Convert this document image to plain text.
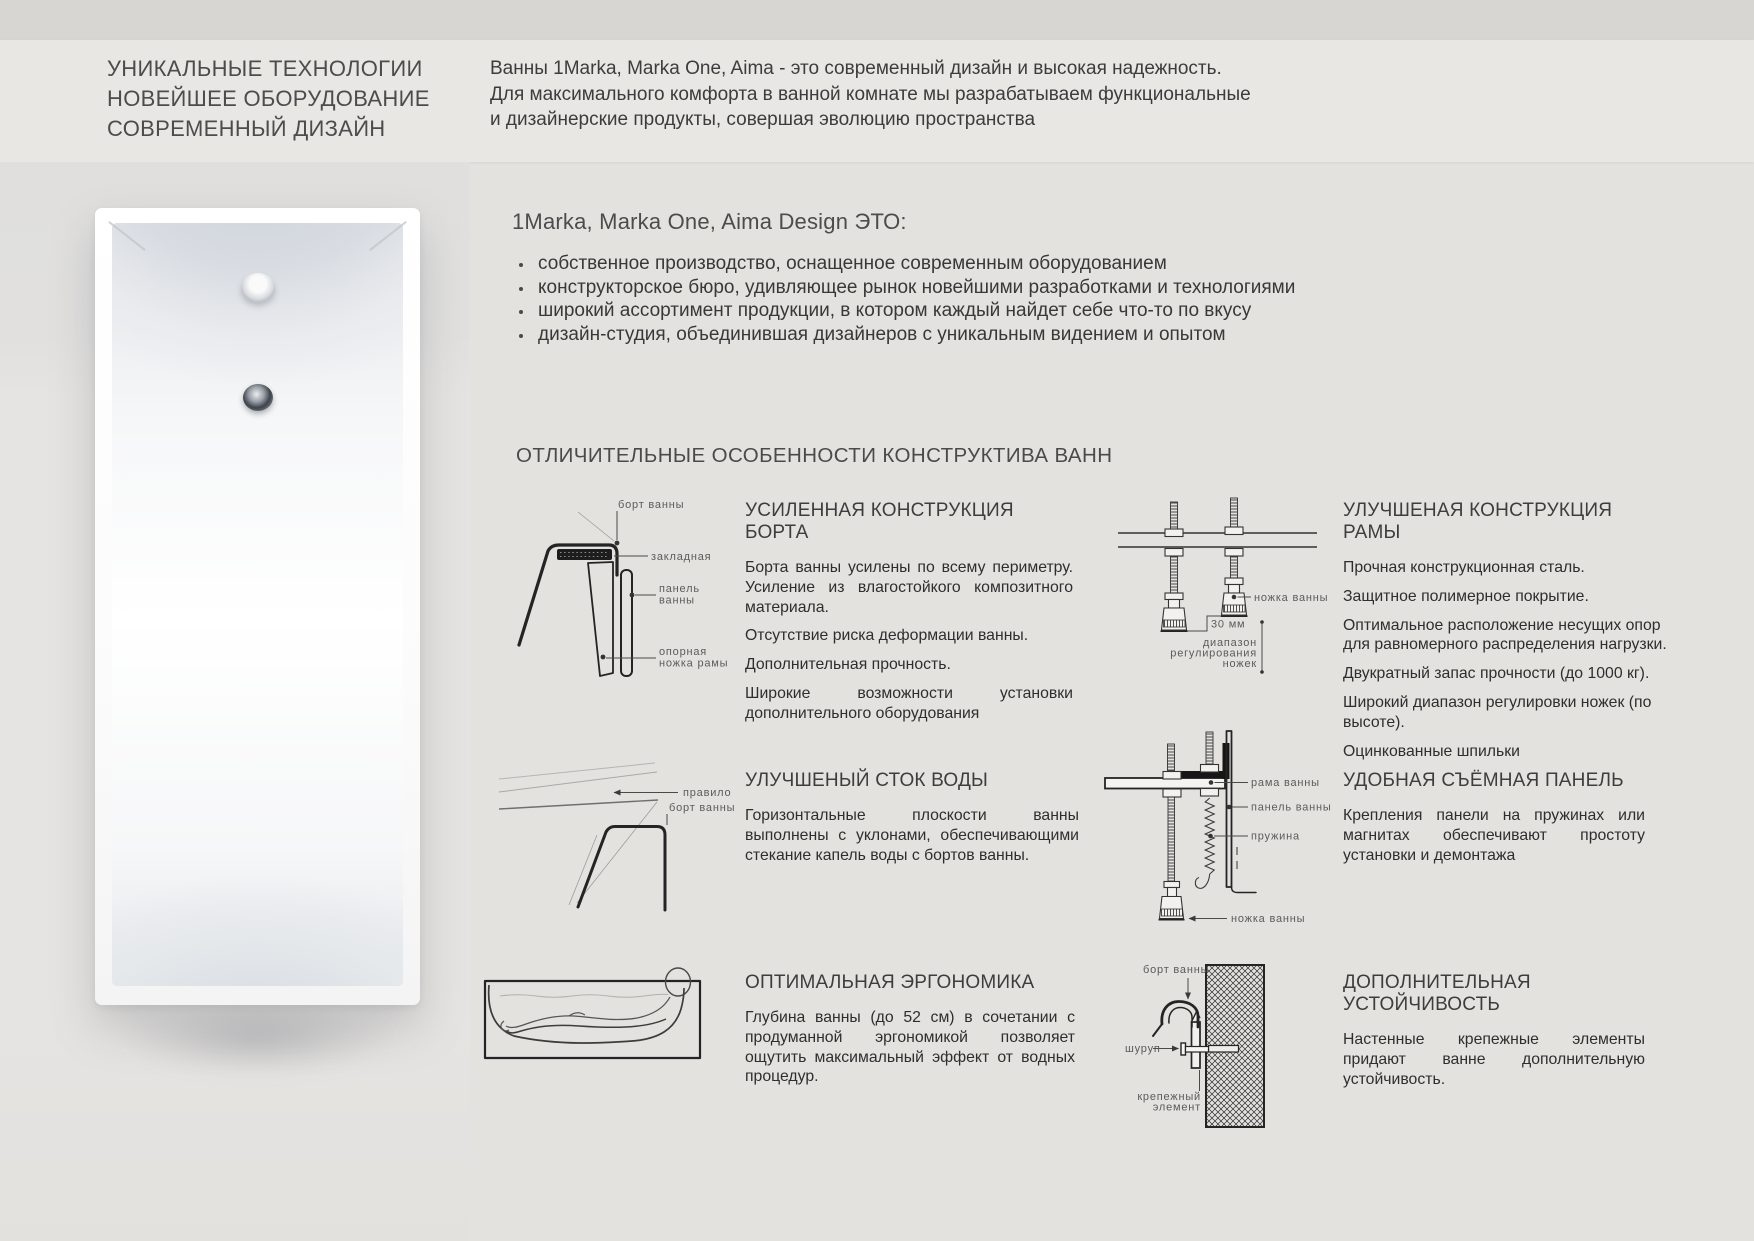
УНИКАЛЬНЫЕ ТЕХНОЛОГИИ
НОВЕЙШЕЕ ОБОРУДОВАНИЕ
СОВРЕМЕННЫЙ ДИЗАЙН
Ванны 1Marka, Marka One, Aima - это современный дизайн и высокая надежность.
Для максимального комфорта в ванной комнате мы разрабатываем функциональные
и дизайнерские продукты, совершая эволюцию пространства
1Marka, Marka One, Aima Design ЭТО:
• собственное производство, оснащенное современным оборудованием
• конструкторское бюро, удивляющее рынок новейшими разработками и технологиями
• широкий ассортимент продукции, в котором каждый найдет себе что-то по вкусу
• дизайн-студия, объединившая дизайнеров с уникальным видением и опытом
ОТЛИЧИТЕЛЬНЫЕ ОСОБЕННОСТИ КОНСТРУКТИВА ВАНН
борт ванны
закладная
панель ванны
опорная ножка рамы
УСИЛЕННАЯ КОНСТРУКЦИЯ БОРТА

Борта ванны усилены по всему периметру. Усиление из влагостойкого композитного материала.

Отсутствие риска деформации ванны.

Дополнительная прочность.

Широкие возможности установки дополнительного оборудования

ножка ванны
30 мм
диапазон регулирования ножек
УЛУЧШЕНАЯ КОНСТРУКЦИЯ РАМЫ

Прочная конструкционная сталь.

Защитное полимерное покрытие.

Оптимальное расположение несущих опор для равномерного распределения нагрузки.

Двукратный запас прочности (до 1000 кг).

Широкий диапазон регулировки ножек (по высоте).

Оцинкованные шпильки

правило
борт ванны
УЛУЧШЕНЫЙ СТОК ВОДЫ

Горизонтальные плоскости ванны выполнены с уклонами, обеспечивающими стекание капель воды с бортов ванны.

рама ванны
панель ванны
пружина
ножка ванны
УДОБНАЯ СЪЁМНАЯ ПАНЕЛЬ

Крепления панели на пружинах или магнитах обеспечивают простоту установки и демонтажа

ОПТИМАЛЬНАЯ ЭРГОНОМИКА

Глубина ванны (до 52 см) в сочетании с продуманной эргономикой позволяет ощутить максимальный эффект от водных процедур.

борт ванны
шуруп
крепежный элемент
ДОПОЛНИТЕЛЬНАЯ УСТОЙЧИВОСТЬ

Настенные крепежные элементы придают ванне дополнительную устойчивость.
